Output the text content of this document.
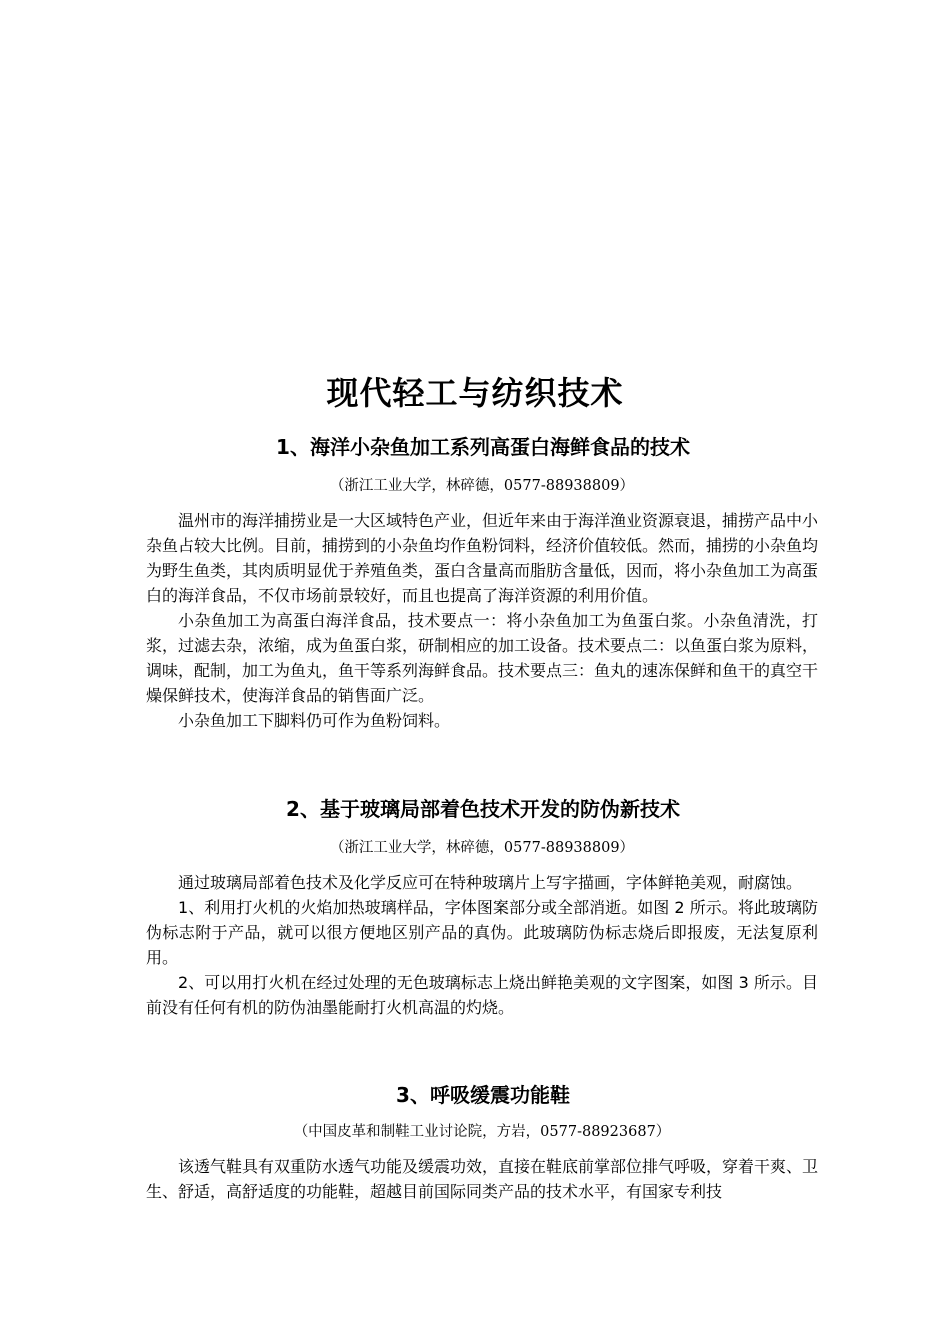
现代轻工与纺织技术
1、海洋小杂鱼加工系列高蛋白海鲜食品的技术
（浙江工业大学，林碎德，0577-88938809）

温州市的海洋捕捞业是一大区域特色产业，但近年来由于海洋渔业资源衰退，捕捞产品中小杂鱼占较大比例。目前，捕捞到的小杂鱼均作鱼粉饲料，经济价值较低。然而，捕捞的小杂鱼均为野生鱼类，其肉质明显优于养殖鱼类，蛋白含量高而脂肪含量低，因而，将小杂鱼加工为高蛋白的海洋食品，不仅市场前景较好，而且也提高了海洋资源的利用价值。

小杂鱼加工为高蛋白海洋食品，技术要点一：将小杂鱼加工为鱼蛋白浆。小杂鱼清洗，打浆，过滤去杂，浓缩，成为鱼蛋白浆，研制相应的加工设备。技术要点二：以鱼蛋白浆为原料，调味，配制，加工为鱼丸，鱼干等系列海鲜食品。技术要点三：鱼丸的速冻保鲜和鱼干的真空干燥保鲜技术，使海洋食品的销售面广泛。

小杂鱼加工下脚料仍可作为鱼粉饲料。

2、基于玻璃局部着色技术开发的防伪新技术
（浙江工业大学，林碎德，0577-88938809）

通过玻璃局部着色技术及化学反应可在特种玻璃片上写字描画，字体鲜艳美观，耐腐蚀。

1、利用打火机的火焰加热玻璃样品，字体图案部分或全部消逝。如图 2 所示。将此玻璃防伪标志附于产品，就可以很方便地区别产品的真伪。此玻璃防伪标志烧后即报废，无法复原利用。

2、可以用打火机在经过处理的无色玻璃标志上烧出鲜艳美观的文字图案，如图 3 所示。目前没有任何有机的防伪油墨能耐打火机高温的灼烧。

3、呼吸缓震功能鞋
（中国皮革和制鞋工业讨论院，方岩，0577-88923687）

该透气鞋具有双重防水透气功能及缓震功效，直接在鞋底前掌部位排气呼吸，穿着干爽、卫生、舒适，高舒适度的功能鞋，超越目前国际同类产品的技术水平，有国家专利技
